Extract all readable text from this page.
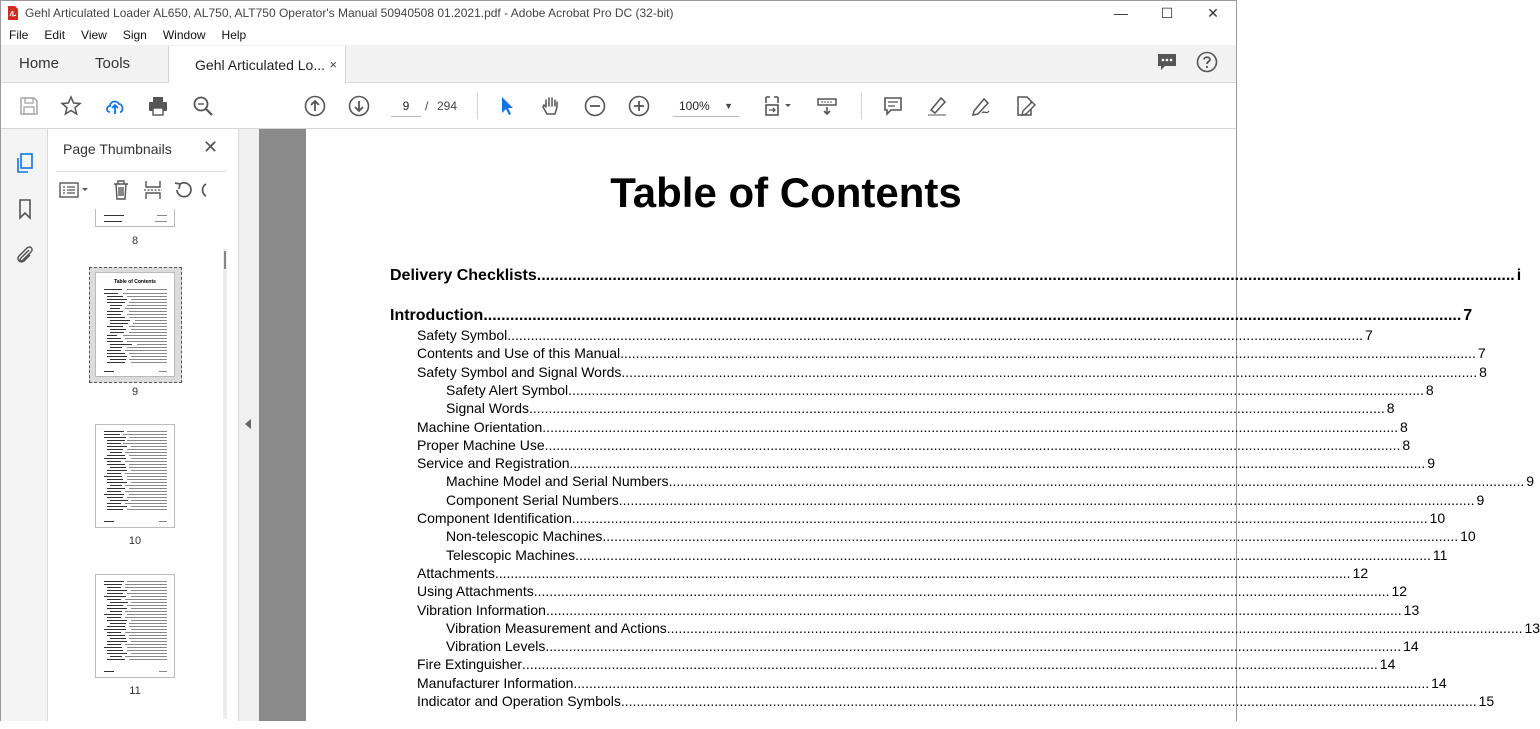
Gehl Articulated Loader AL650, AL750, ALT750 Operator's Manual 50940508 01.2021.pdf - Adobe Acrobat Pro DC (32-bit)	—	☐	✕
File	Edit	View	Sign	Window	Help
Home	Tools	Gehl Articulated Lo... ×
9	/ 294	100% ▼
Page Thumbnails ✕
8
Table of Contents
9
10
11
Table of Contents
Delivery Checklists ............................................................................................................................................................................................................................ i
Introduction ............................................................................................................................................................................................................................ 7
Safety Symbol ............................................................................................................................................................................................................................ 7
Contents and Use of this Manual ............................................................................................................................................................................................................................ 7
Safety Symbol and Signal Words ............................................................................................................................................................................................................................ 8
Safety Alert Symbol ............................................................................................................................................................................................................................ 8
Signal Words ............................................................................................................................................................................................................................ 8
Machine Orientation ............................................................................................................................................................................................................................ 8
Proper Machine Use ............................................................................................................................................................................................................................ 8
Service and Registration ............................................................................................................................................................................................................................ 9
Machine Model and Serial Numbers ............................................................................................................................................................................................................................ 9
Component Serial Numbers ............................................................................................................................................................................................................................ 9
Component Identification ............................................................................................................................................................................................................................ 10
Non-telescopic Machines ............................................................................................................................................................................................................................ 10
Telescopic Machines ............................................................................................................................................................................................................................ 11
Attachments ............................................................................................................................................................................................................................ 12
Using Attachments ............................................................................................................................................................................................................................ 12
Vibration Information ............................................................................................................................................................................................................................ 13
Vibration Measurement and Actions ............................................................................................................................................................................................................................ 13
Vibration Levels ............................................................................................................................................................................................................................ 14
Fire Extinguisher ............................................................................................................................................................................................................................ 14
Manufacturer Information ............................................................................................................................................................................................................................ 14
Indicator and Operation Symbols ............................................................................................................................................................................................................................ 15
